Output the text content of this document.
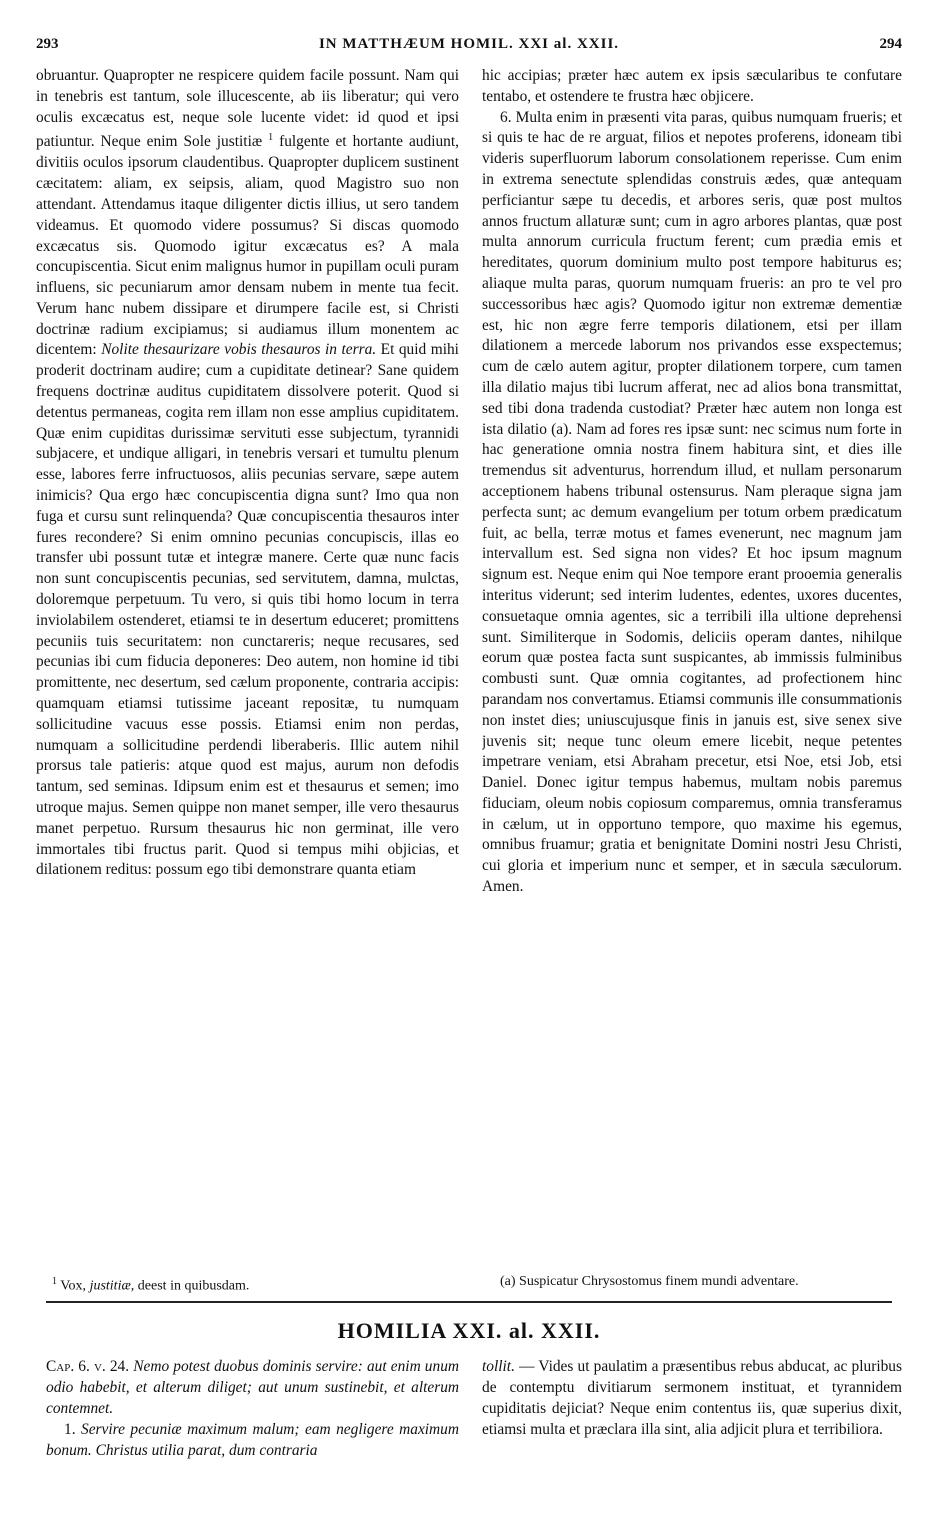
293	IN MATTHÆUM HOMIL. XXI al. XXII.	294

obruantur. Quapropter ne respicere quidem facile possunt. Nam qui in tenebris est tantum, sole illucescente, ab iis liberatur; qui vero oculis excæcatus est, neque sole lucente videt: id quod et ipsi patiuntur. Neque enim Sole justitiæ $^1$ fulgente et hortante audiunt, divitiis oculos ipsorum claudentibus. Quapropter duplicem sustinent cæcitatem: aliam, ex seipsis, aliam, quod Magistro suo non attendant. Attendamus itaque diligenter dictis illius, ut sero tandem videamus. Et quomodo videre possumus? Si discas quomodo excæcatus sis. Quomodo igitur excæcatus es? A mala concupiscentia. Sicut enim malignus humor in pupillam oculi puram influens, sic pecuniarum amor densam nubem in mente tua fecit. Verum hanc nubem dissipare et dirumpere facile est, si Christi doctrinæ radium excipiamus; si audiamus illum monentem ac dicentem: Nolite thesaurizare vobis thesauros in terra. Et quid mihi proderit doctrinam audire; cum a cupiditate detinear? Sane quidem frequens doctrinæ auditus cupiditatem dissolvere poterit. Quod si detentus permaneas, cogita rem illam non esse amplius cupiditatem. Quæ enim cupiditas durissimæ servituti esse subjectum, tyrannidi subjacere, et undique alligari, in tenebris versari et tumultu plenum esse, labores ferre infructuosos, aliis pecunias servare, sæpe autem inimicis? Qua ergo hæc concupiscentia digna sunt? Imo qua non fuga et cursu sunt relinquenda? Quæ concupiscentia thesauros inter fures recondere? Si enim omnino pecunias concupiscis, illas eo transfer ubi possunt tutæ et integræ manere. Certe quæ nunc facis non sunt concupiscentis pecunias, sed servitutem, damna, mulctas, doloremque perpetuum. Tu vero, si quis tibi homo locum in terra inviolabilem ostenderet, etiamsi te in desertum educeret; promittens pecuniis tuis securitatem: non cunctareris; neque recusares, sed pecunias ibi cum fiducia deponeres: Deo autem, non homine id tibi promittente, nec desertum, sed cælum proponente, contraria accipis: quamquam etiamsi tutissime jaceant repositæ, tu numquam sollicitudine vacuus esse possis. Etiamsi enim non perdas, numquam a sollicitudine perdendi liberaberis. Illic autem nihil prorsus tale patieris: atque quod est majus, aurum non defodis tantum, sed seminas. Idipsum enim est et thesaurus et semen; imo utroque majus. Semen quippe non manet semper, ille vero thesaurus manet perpetuo. Rursum thesaurus hic non germinat, ille vero immortales tibi fructus parit. Quod si tempus mihi objicias, et dilationem reditus: possum ego tibi demonstrare quanta etiam

hic accipias; præter hæc autem ex ipsis sæcularibus te confutare tentabo, et ostendere te frustra hæc objicere.

6. Multa enim in præsenti vita paras, quibus numquam frueris; et si quis te hac de re arguat, filios et nepotes proferens, idoneam tibi videris superfluorum laborum consolationem reperisse. Cum enim in extrema senectute splendidas construis ædes, quæ antequam perficiantur sæpe tu decedis, et arbores seris, quæ post multos annos fructum allaturæ sunt; cum in agro arbores plantas, quæ post multa annorum curricula fructum ferent; cum prædia emis et hereditates, quorum dominium multo post tempore habiturus es; aliaque multa paras, quorum numquam frueris: an pro te vel pro successoribus hæc agis? Quomodo igitur non extremæ dementiæ est, hic non ægre ferre temporis dilationem, etsi per illam dilationem a mercede laborum nos privandos esse exspectemus; cum de cælo autem agitur, propter dilationem torpere, cum tamen illa dilatio majus tibi lucrum afferat, nec ad alios bona transmittat, sed tibi dona tradenda custodiat? Præter hæc autem non longa est ista dilatio (a). Nam ad fores res ipsæ sunt: nec scimus num forte in hac generatione omnia nostra finem habitura sint, et dies ille tremendus sit adventurus, horrendum illud, et nullam personarum acceptionem habens tribunal ostensurus. Nam pleraque signa jam perfecta sunt; ac demum evangelium per totum orbem prædicatum fuit, ac bella, terræ motus et fames evenerunt, nec magnum jam intervallum est. Sed signa non vides? Et hoc ipsum magnum signum est. Neque enim qui Noe tempore erant prooemia generalis interitus viderunt; sed interim ludentes, edentes, uxores ducentes, consuetaque omnia agentes, sic a terribili illa ultione deprehensi sunt. Similiterque in Sodomis, deliciis operam dantes, nihilque eorum quæ postea facta sunt suspicantes, ab immissis fulminibus combusti sunt. Quæ omnia cogitantes, ad profectionem hinc parandam nos convertamus. Etiamsi communis ille consummationis non instet dies; uniuscujusque finis in januis est, sive senex sive juvenis sit; neque tunc oleum emere licebit, neque petentes impetrare veniam, etsi Abraham precetur, etsi Noe, etsi Job, etsi Daniel. Donec igitur tempus habemus, multam nobis paremus fiduciam, oleum nobis copiosum comparemus, omnia transferamus in cælum, ut in opportuno tempore, quo maxime his egemus, omnibus fruamur; gratia et benignitate Domini nostri Jesu Christi, cui gloria et imperium nunc et semper, et in sæcula sæculorum. Amen.

$^1$ Vox, justitiæ, deest in quibusdam.	(a) Suspicatur Chrysostomus finem mundi adventare.
HOMILIA XXI. al. XXII.

Cap. 6. v. 24. Nemo potest duobus dominis servire: aut enim unum odio habebit, et alterum diliget; aut unum sustinebit, et alterum contemnet.

1. Servire pecuniæ maximum malum; eam negligere maximum bonum. Christus utilia parat, dum contraria

tollit. — Vides ut paulatim a præsentibus rebus abducat, ac pluribus de contemptu divitiarum sermonem instituat, et tyrannidem cupiditatis dejiciat? Neque enim contentus iis, quæ superius dixit, etiamsi multa et præclara illa sint, alia adjicit plura et terribiliora.
